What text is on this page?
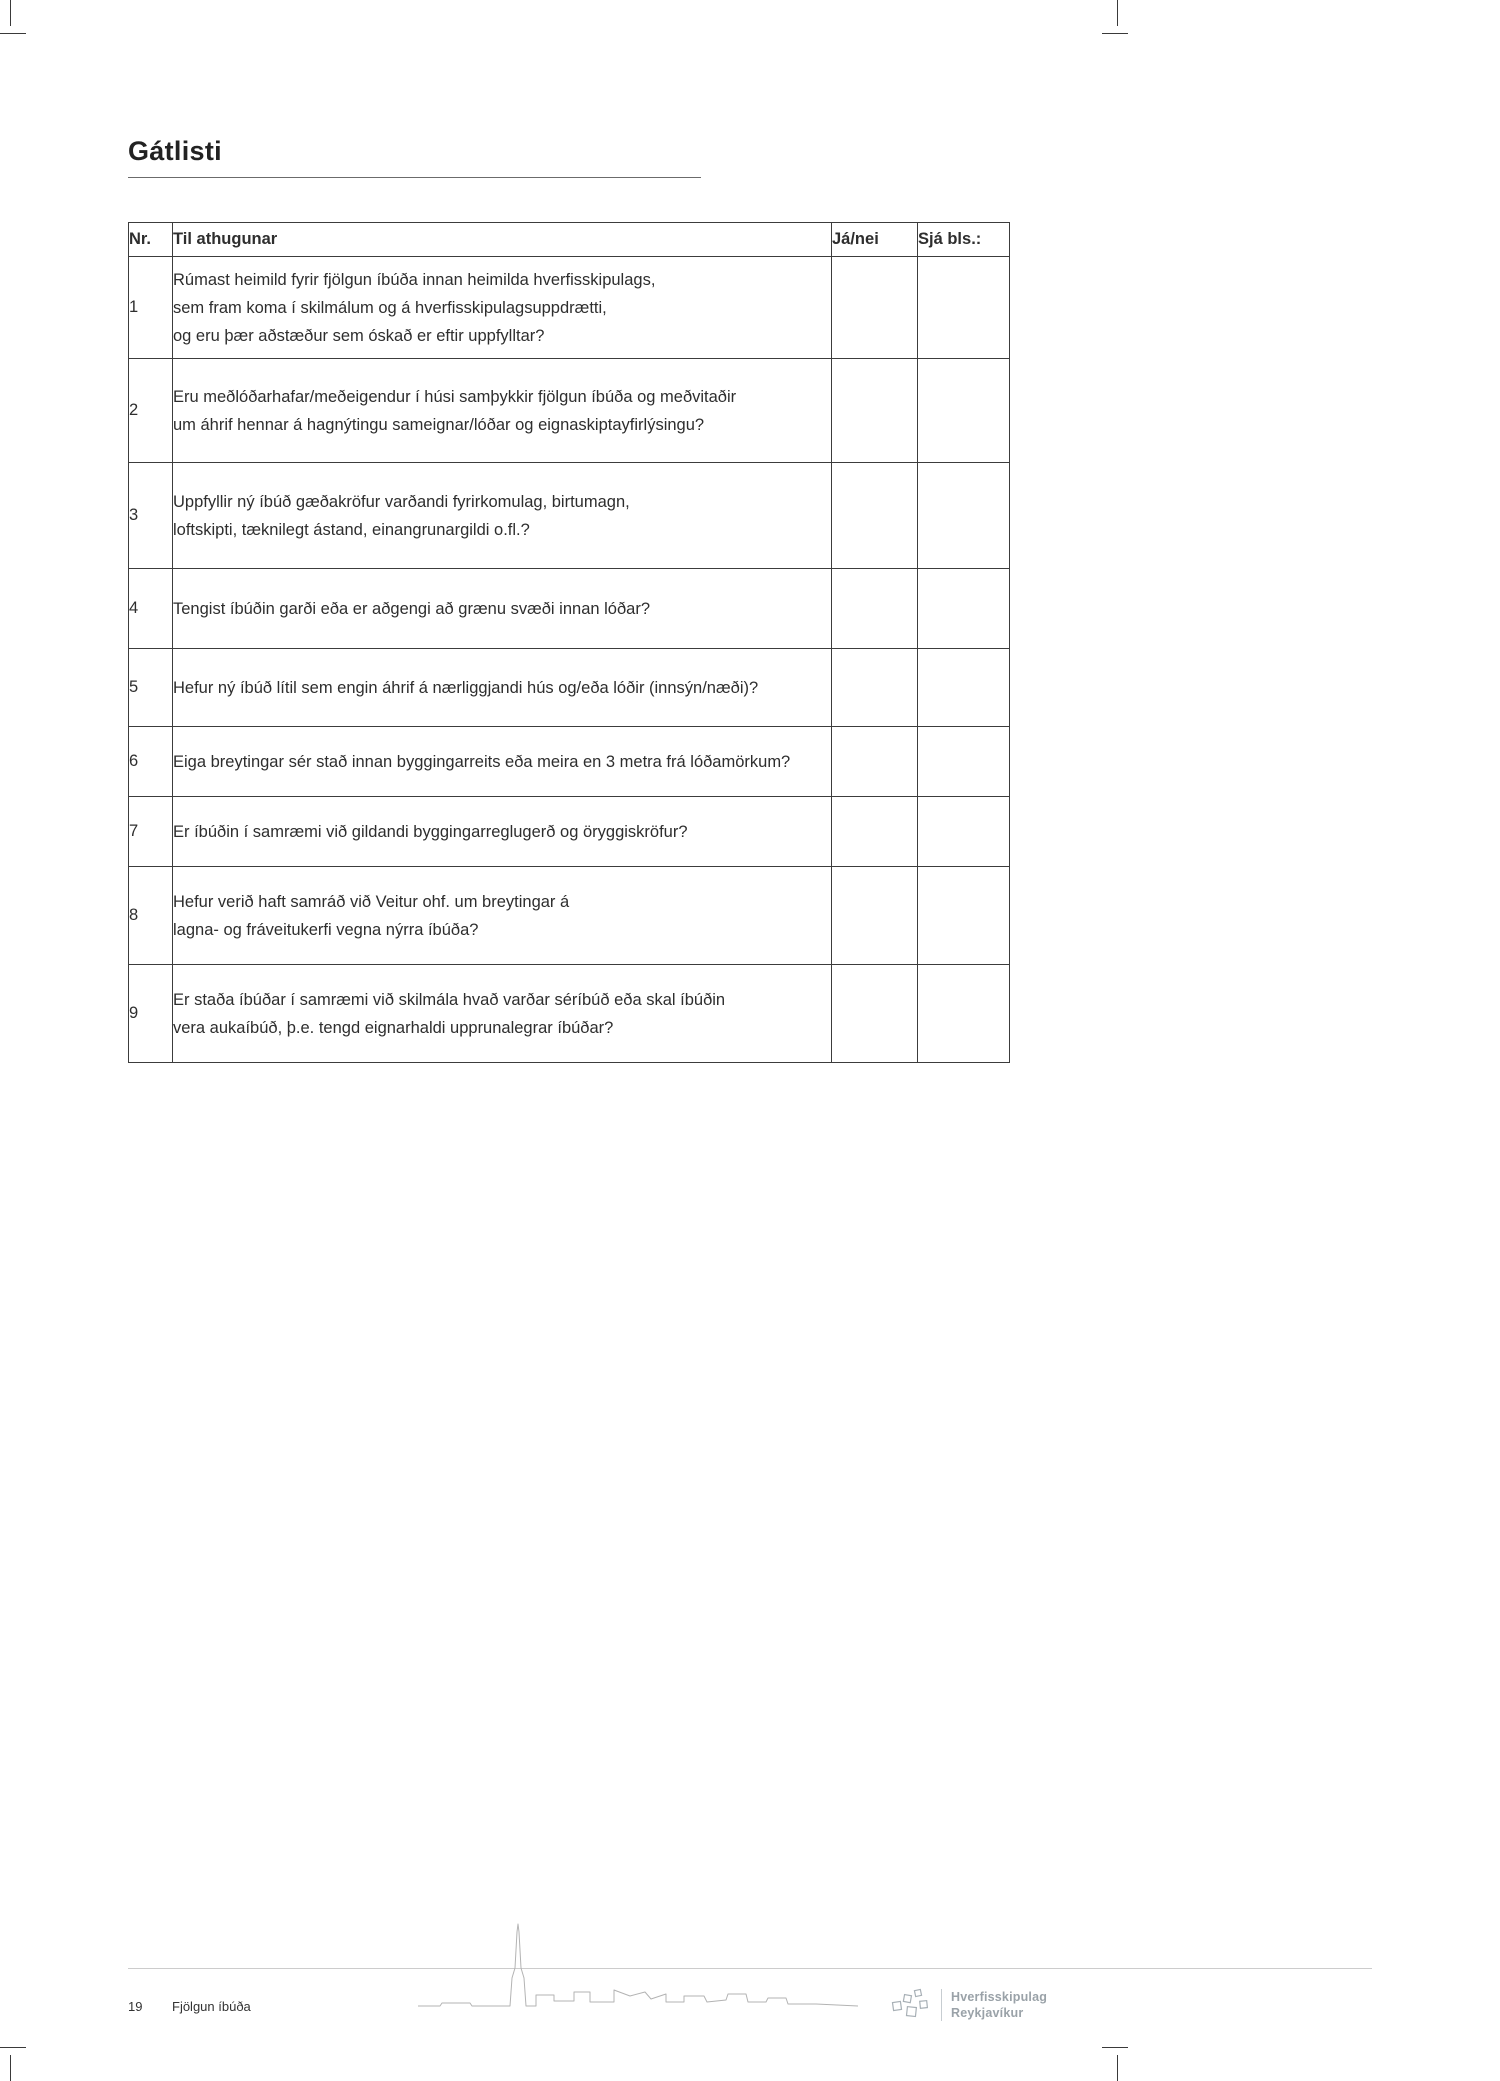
Gátlisti
Nr.	Til athugunar	Já/nei	Sjá bls.:
1	Rúmast heimild fyrir fjölgun íbúða innan heimilda hverfisskipulags,
sem fram koma í skilmálum og á hverfisskipulagsuppdrætti,
og eru þær aðstæður sem óskað er eftir uppfylltar?		

2	Eru meðlóðarhafar/meðeigendur í húsi samþykkir fjölgun íbúða og meðvitaðir
um áhrif hennar á hagnýtingu sameignar/lóðar og eignaskiptayfirlýsingu?		

3	Uppfyllir ný íbúð gæðakröfur varðandi fyrirkomulag, birtumagn,
loftskipti, tæknilegt ástand, einangrunargildi o.fl.?		

4	Tengist íbúðin garði eða er aðgengi að grænu svæði innan lóðar?		

5	Hefur ný íbúð lítil sem engin áhrif á nærliggjandi hús og/eða lóðir (innsýn/næði)?		

6	Eiga breytingar sér stað innan byggingarreits eða meira en 3 metra frá lóðamörkum?		

7	Er íbúðin í samræmi við gildandi byggingarreglugerð og öryggiskröfur?		

8	Hefur verið haft samráð við Veitur ohf. um breytingar á
lagna- og fráveitukerfi vegna nýrra íbúða?		

9	Er staða íbúðar í samræmi við skilmála hvað varðar séríbúð eða skal íbúðin
vera aukaíbúð, þ.e. tengd eignarhaldi upprunalegrar íbúðar?		

19 Fjölgun íbúða
Hverfisskipulag
Reykjavíkur
